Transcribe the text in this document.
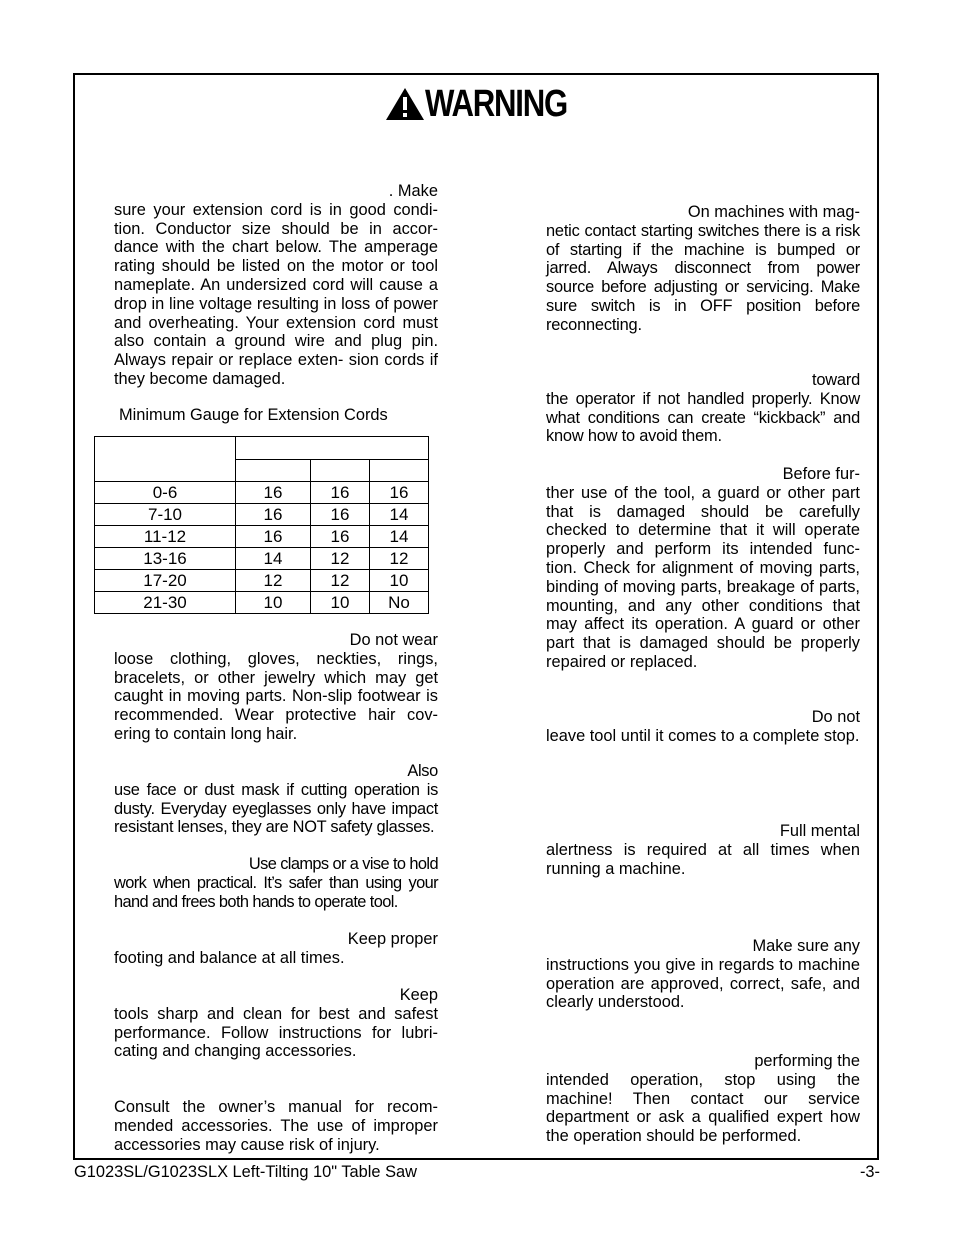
WARNING
. Make
sure your extension cord is in good condi- tion. Conductor size should be in accor- dance with the chart below. The amperage rating should be listed on the motor or tool nameplate. An undersized cord will cause a drop in line voltage resulting in loss of power and overheating. Your extension cord must also contain a ground wire and plug pin. Always repair or replace exten- sion cords if they become damaged.
Minimum Gauge for Extension Cords

0-6	16	16	16
7-10	16	16	14
11-12	16	16	14
13-16	14	12	12
17-20	12	12	10
21-30	10	10	No
Do not wear
loose clothing, gloves, neckties, rings, bracelets, or other jewelry which may get caught in moving parts. Non-slip footwear is recommended. Wear protective hair cov- ering to contain long hair.
Also
use face or dust mask if cutting operation is dusty. Everyday eyeglasses only have impact resistant lenses, they are NOT safety glasses.
Use clamps or a vise to hold
work when practical. It’s safer than using your hand and frees both hands to operate tool.
Keep proper
footing and balance at all times.
Keep
tools sharp and clean for best and safest performance. Follow instructions for lubri- cating and changing accessories.
Consult the owner’s manual for recom- mended accessories. The use of improper accessories may cause risk of injury.
On machines with mag-
netic contact starting switches there is a risk of starting if the machine is bumped or jarred. Always disconnect from power source before adjusting or servicing. Make sure switch is in OFF position before reconnecting.
toward
the operator if not handled properly. Know what conditions can create “kickback” and know how to avoid them.
Before fur-
ther use of the tool, a guard or other part that is damaged should be carefully checked to determine that it will operate properly and perform its intended func- tion. Check for alignment of moving parts, binding of moving parts, breakage of parts, mounting, and any other conditions that may affect its operation. A guard or other part that is damaged should be properly repaired or replaced.
Do not
leave tool until it comes to a complete stop.
Full mental
alertness is required at all times when running a machine.
Make sure any
instructions you give in regards to machine operation are approved, correct, safe, and clearly understood.
performing the
intended operation, stop using the machine! Then contact our service department or ask a qualified expert how the operation should be performed.
G1023SL/G1023SLX Left-Tilting 10" Table Saw	-3-
